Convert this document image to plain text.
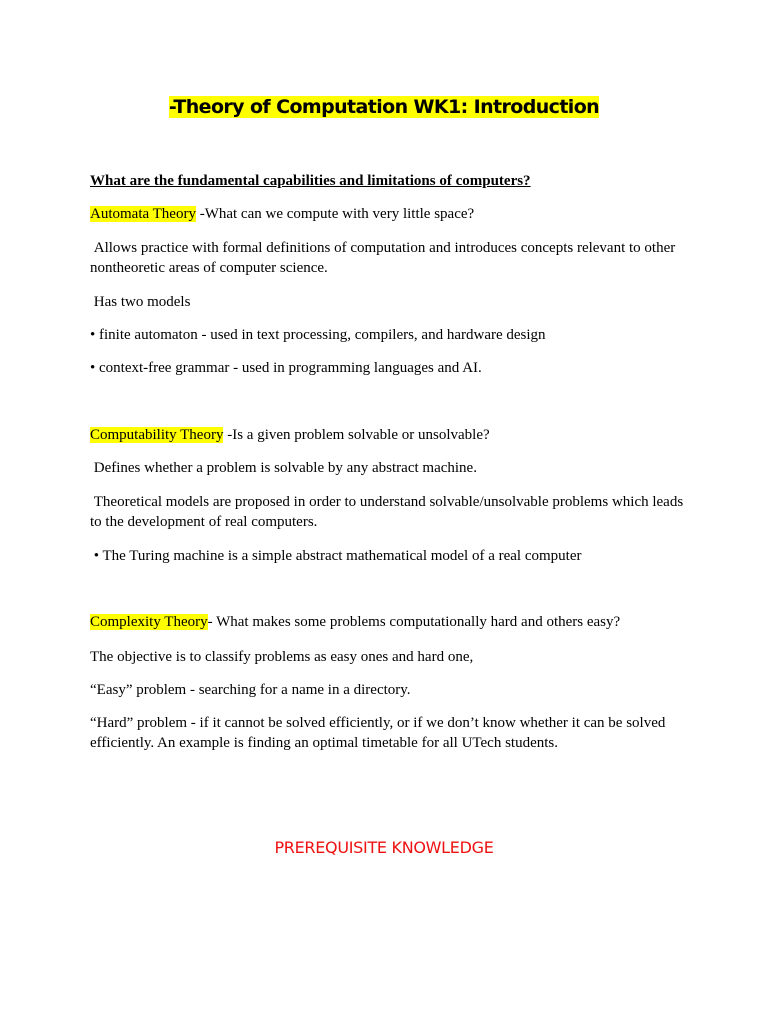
-Theory of Computation WK1: Introduction
What are the fundamental capabilities and limitations of computers?
Automata Theory -What can we compute with very little space?
Allows practice with formal definitions of computation and introduces concepts relevant to other nontheoretic areas of computer science.
Has two models
• finite automaton - used in text processing, compilers, and hardware design
• context-free grammar - used in programming languages and AI.
Computability Theory -Is a given problem solvable or unsolvable?
Defines whether a problem is solvable by any abstract machine.
Theoretical models are proposed in order to understand solvable/unsolvable problems which leads to the development of real computers.
• The Turing machine is a simple abstract mathematical model of a real computer
Complexity Theory- What makes some problems computationally hard and others easy?
The objective is to classify problems as easy ones and hard one,
“Easy” problem - searching for a name in a directory.
“Hard” problem - if it cannot be solved efficiently, or if we don’t know whether it can be solved efficiently. An example is finding an optimal timetable for all UTech students.
PREREQUISITE KNOWLEDGE
